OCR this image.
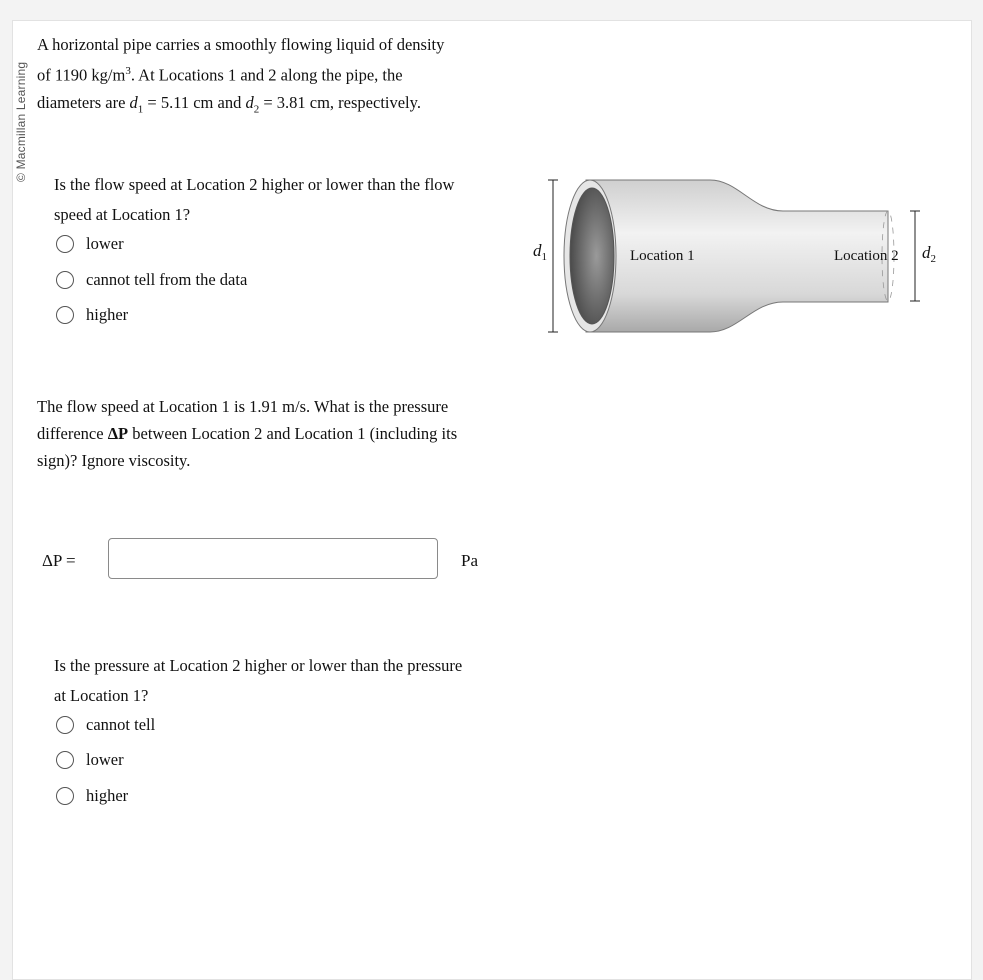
© Macmillan Learning
A horizontal pipe carries a smoothly flowing liquid of density
of 1190 $kg/m^3$. At Locations 1 and 2 along the pipe, the
diameters are $d_1 = 5.11$ cm and $d_2 = 3.81$ cm, respectively.
Is the flow speed at Location 2 higher or lower than the flow speed at Location 1?
lower
cannot tell from the data
higher
The flow speed at Location 1 is 1.91 m/s. What is the pressure difference ΔP between Location 2 and Location 1 (including its sign)? Ignore viscosity.
ΔP =	Pa
Is the pressure at Location 2 higher or lower than the pressure at Location 1?
cannot tell
lower
higher
Location 1	Location 2
$d_1$	$d_2$
